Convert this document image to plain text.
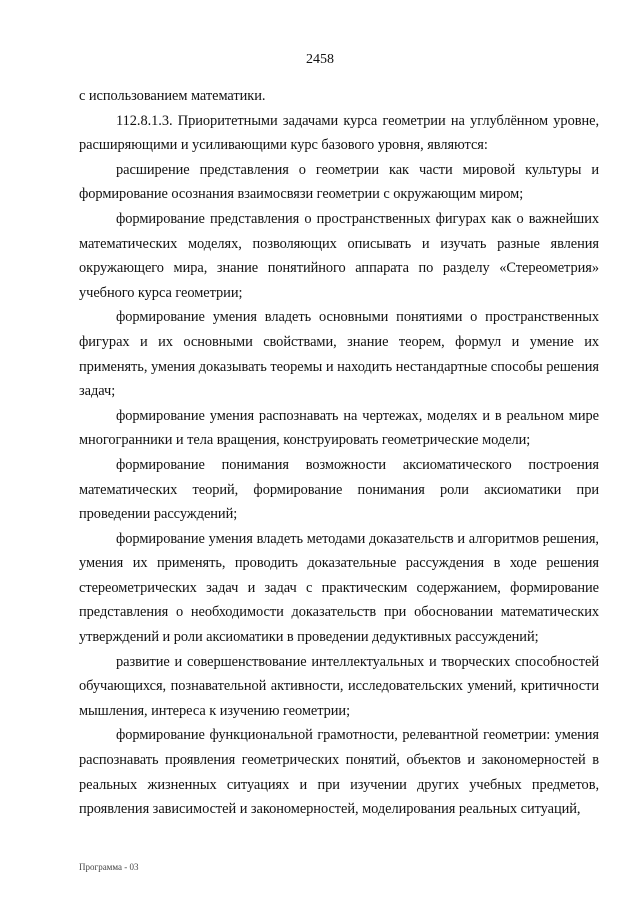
2458

с использованием математики.

112.8.1.3. Приоритетными задачами курса геометрии на углублённом уровне, расширяющими и усиливающими курс базового уровня, являются:

расширение представления о геометрии как части мировой культуры и формирование осознания взаимосвязи геометрии с окружающим миром;

формирование представления о пространственных фигурах как о важнейших математических моделях, позволяющих описывать и изучать разные явления окружающего мира, знание понятийного аппарата по разделу «Стереометрия» учебного курса геометрии;

формирование умения владеть основными понятиями о пространственных фигурах и их основными свойствами, знание теорем, формул и умение их применять, умения доказывать теоремы и находить нестандартные способы решения задач;

формирование умения распознавать на чертежах, моделях и в реальном мире многогранники и тела вращения, конструировать геометрические модели;

формирование понимания возможности аксиоматического построения математических теорий, формирование понимания роли аксиоматики при проведении рассуждений;

формирование умения владеть методами доказательств и алгоритмов решения, умения их применять, проводить доказательные рассуждения в ходе решения стереометрических задач и задач с практическим содержанием, формирование представления о необходимости доказательств при обосновании математических утверждений и роли аксиоматики в проведении дедуктивных рассуждений;

развитие и совершенствование интеллектуальных и творческих способностей обучающихся, познавательной активности, исследовательских умений, критичности мышления, интереса к изучению геометрии;

формирование функциональной грамотности, релевантной геометрии: умения распознавать проявления геометрических понятий, объектов и закономерностей в реальных жизненных ситуациях и при изучении других учебных предметов, проявления зависимостей и закономерностей, моделирования реальных ситуаций,

Программа - 03
